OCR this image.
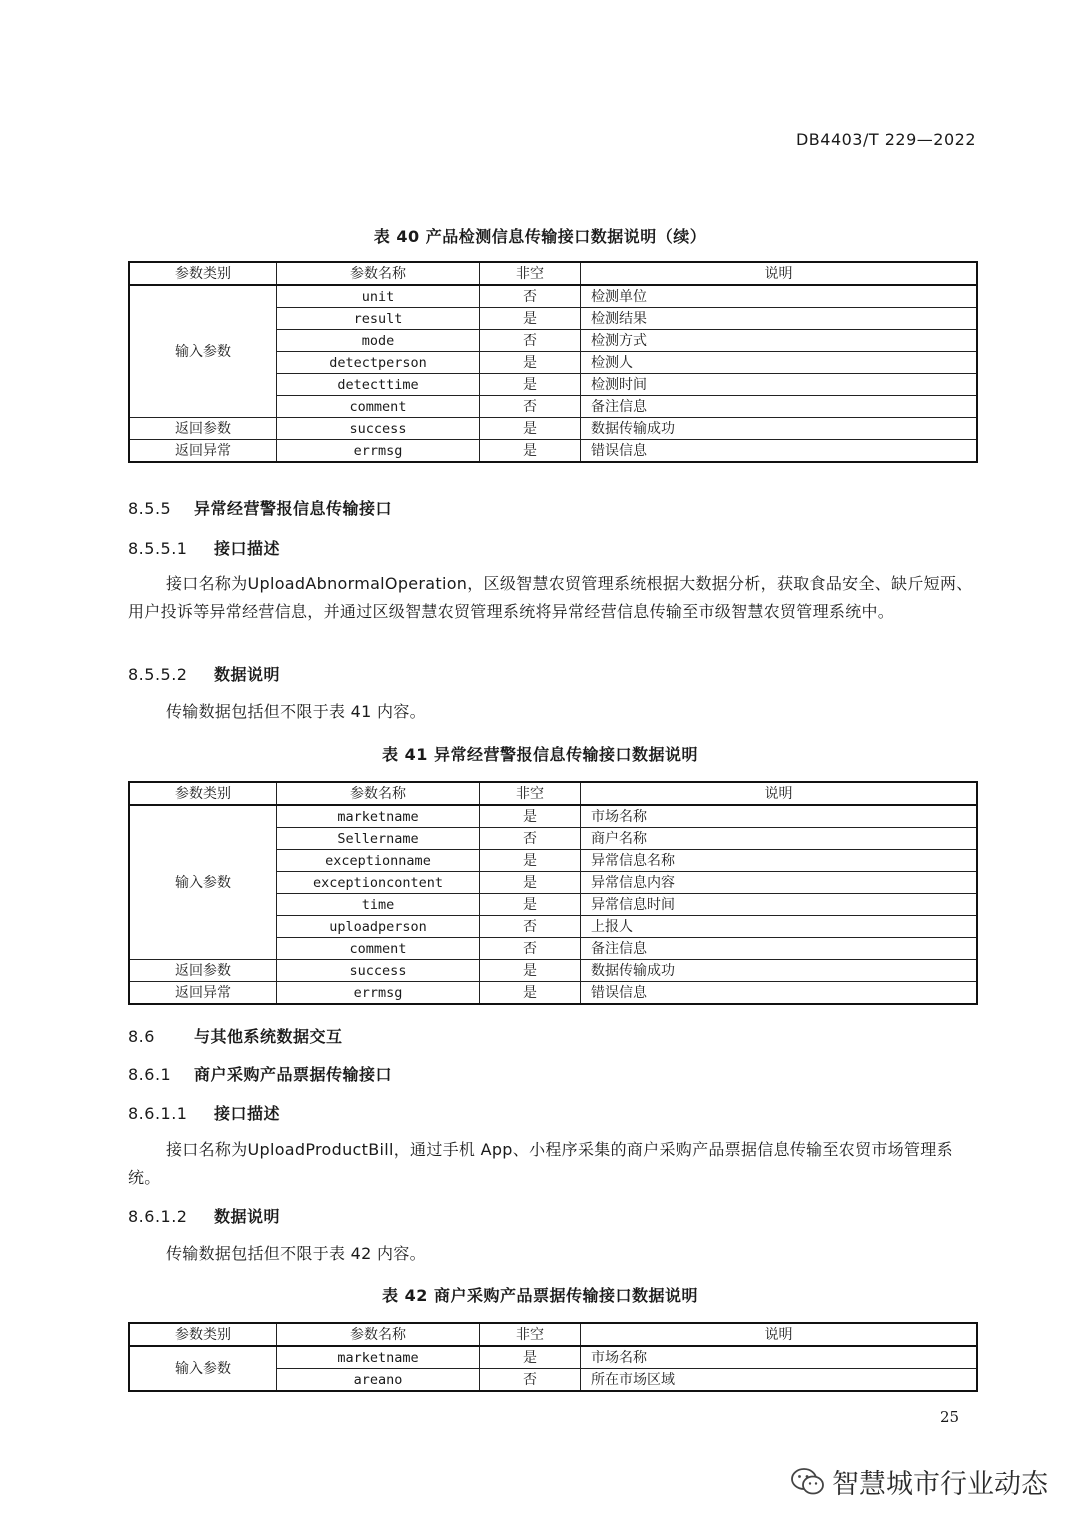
DB4403/T 229—2022
表 40 产品检测信息传输接口数据说明（续）
参数类别	参数名称	非空	说明
输入参数	unit	否	检测单位
	result	是	检测结果
	mode	否	检测方式
	detectperson	是	检测人
	detecttime	是	检测时间
	comment	否	备注信息
返回参数	success	是	数据传输成功
返回异常	errmsg	是	错误信息
8.5.5 异常经营警报信息传输接口
8.5.5.1 接口描述
接口名称为UploadAbnormalOperation，区级智慧农贸管理系统根据大数据分析，获取食品安全、缺斤短两、用户投诉等异常经营信息，并通过区级智慧农贸管理系统将异常经营信息传输至市级智慧农贸管理系统中。
8.5.5.2 数据说明
传输数据包括但不限于表 41 内容。
表 41 异常经营警报信息传输接口数据说明
参数类别	参数名称	非空	说明
输入参数	marketname	是	市场名称
	Sellername	否	商户名称
	exceptionname	是	异常信息名称
	exceptioncontent	是	异常信息内容
	time	是	异常信息时间
	uploadperson	否	上报人
	comment	否	备注信息
返回参数	success	是	数据传输成功
返回异常	errmsg	是	错误信息
8.6 与其他系统数据交互
8.6.1 商户采购产品票据传输接口
8.6.1.1 接口描述
接口名称为UploadProductBill，通过手机 App、小程序采集的商户采购产品票据信息传输至农贸市场管理系统。
8.6.1.2 数据说明
传输数据包括但不限于表 42 内容。
表 42 商户采购产品票据传输接口数据说明
参数类别	参数名称	非空	说明
输入参数	marketname	是	市场名称
	areano	否	所在市场区域
25
智慧城市行业动态
